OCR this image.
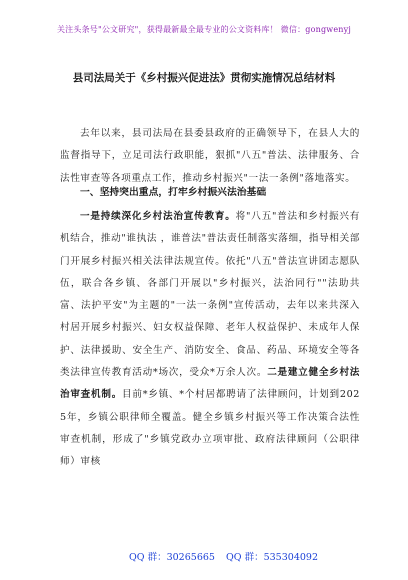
关注头条号"公文研究"，获得最新最全最专业的公文资料库！ 微信：gongwenyj
县司法局关于《乡村振兴促进法》贯彻实施情况总结材料

去年以来，县司法局在县委县政府的正确领导下，在县人大的监督指导下，立足司法行政职能，狠抓"八五"普法、法律服务、合法性审查等各项重点工作，推动乡村振兴"一法一条例"落地落实。

一、坚持突出重点，打牢乡村振兴法治基础

一是持续深化乡村法治宣传教育。将"八五"普法和乡村振兴有机结合，推动"谁执法 ，谁普法"普法责任制落实落细，指导相关部门开展乡村振兴相关法律法规宣传。依托"八五"普法宣讲团志愿队伍，联合各乡镇、各部门开展以"乡村振兴，法治同行""法助共富、法护平安"为主题的"一法一条例"宣传活动，去年以来共深入村居开展乡村振兴、妇女权益保障、老年人权益保护、未成年人保护、法律援助、安全生产、消防安全、食品、药品、环境安全等各类法律宣传教育活动*场次，受众*万余人次。二是建立健全乡村法治审查机制。目前*乡镇、*个村居都聘请了法律顾问，计划到2025年，乡镇公职律师全覆盖。健全乡镇乡村振兴等工作决策合法性审查机制，形成了"乡镇党政办立项审批、政府法律顾问（公职律师）审核

QQ 群：30265665 QQ 群：535304092
